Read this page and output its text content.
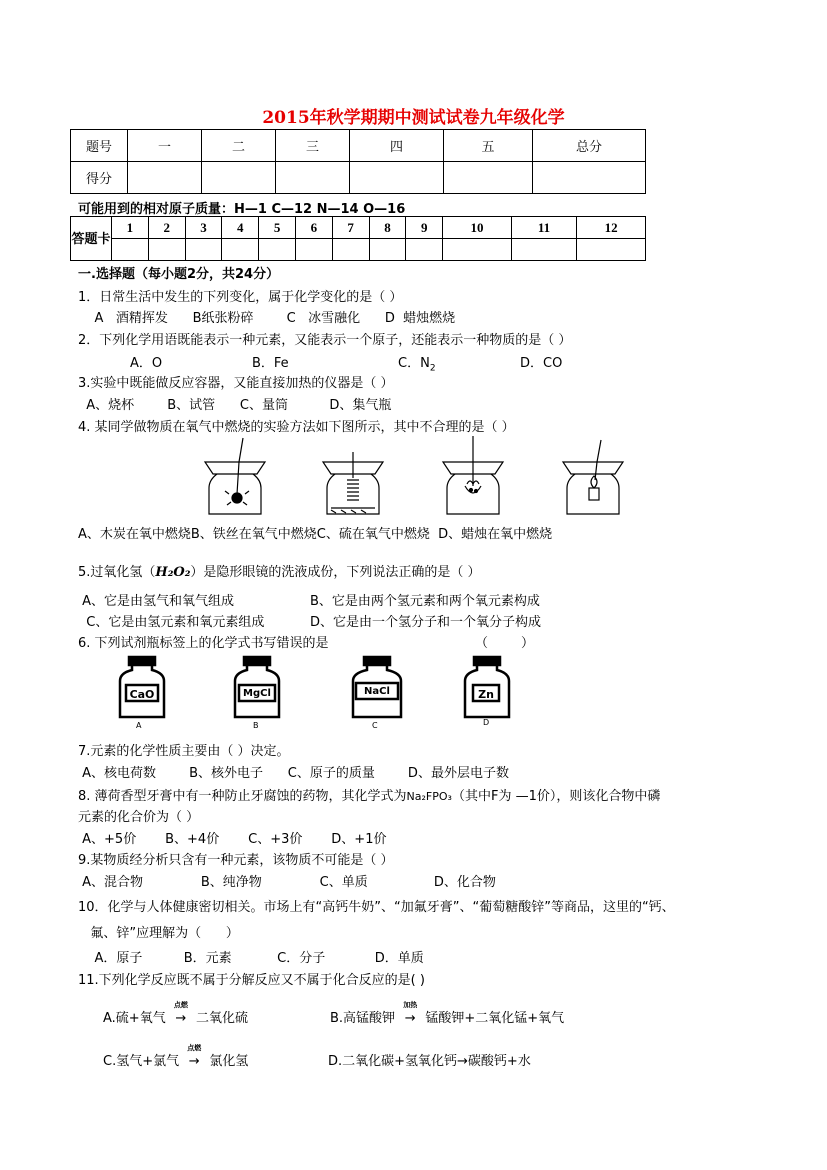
2015年秋学期期中测试试卷九年级化学
题号	一	二	三	四	五	总分
得分						
可能用到的相对原子质量：H—1 C—12 N—14 O—16
答题卡	1	2	3	4	5	6	7	8	9	10	11	12

一.选择题（每小题2分，共24分）
1．日常生活中发生的下列变化，属于化学变化的是（ ）
A   酒精挥发      B纸张粉碎        C   冰雪融化      D  蜡烛燃烧
2．下列化学用语既能表示一种元素，又能表示一个原子，还能表示一种物质的是（ ）
A．O	B．Fe	C．$N_2$	D．CO
3.实验中既能做反应容器，又能直接加热的仪器是（ ）
A、烧杯        B、试管      C、量筒          D、集气瓶
4. 某同学做物质在氧气中燃烧的实验方法如下图所示，其中不合理的是（ ）
A、木炭在氧中燃烧B、铁丝在氧气中燃烧C、硫在氧气中燃烧  D、蜡烛在氧中燃烧
5.过氧化氢（H₂O₂）是隐形眼镜的洗液成份，下列说法正确的是（ ）
A、它是由氢气和氧气组成	B、它是由两个氢元素和两个氧元素构成
C、它是由氢元素和氧元素组成	D、它是由一个氢分子和一个氧分子构成
6. 下列试剂瓶标签上的化学式书写错误的是	（        ）
CaO
A
MgCl
B
NaCl
C
Zn
D
7.元素的化学性质主要由（ ）决定。
A、核电荷数        B、核外电子      C、原子的质量        D、最外层电子数
8. 薄荷香型牙膏中有一种防止牙腐蚀的药物，其化学式为Na₂FPO₃（其中F为 —1价），则该化合物中磷
元素的化合价为（ ）
A、+5价       B、+4价       C、+3价       D、+1价
9.某物质经分析只含有一种元素，该物质不可能是（ ）
A、混合物              B、纯净物              C、单质                D、化合物
10．化学与人体健康密切相关。市场上有“高钙牛奶”、“加氟牙膏”、“葡萄糖酸锌”等商品，这里的“钙、
氟、锌”应理解为（      ）
A．原子          B．元素           C．分子            D．单质
11.下列化学反应既不属于分解反应又不属于化合反应的是( )
A.硫+氧气
点燃
→ 二氧化硫	B.高锰酸钾
加热
→ 锰酸钾+二氧化锰+氧气
C.氢气+氯气
点燃
→ 氯化氢	D.二氧化碳+氢氧化钙→碳酸钙+水
